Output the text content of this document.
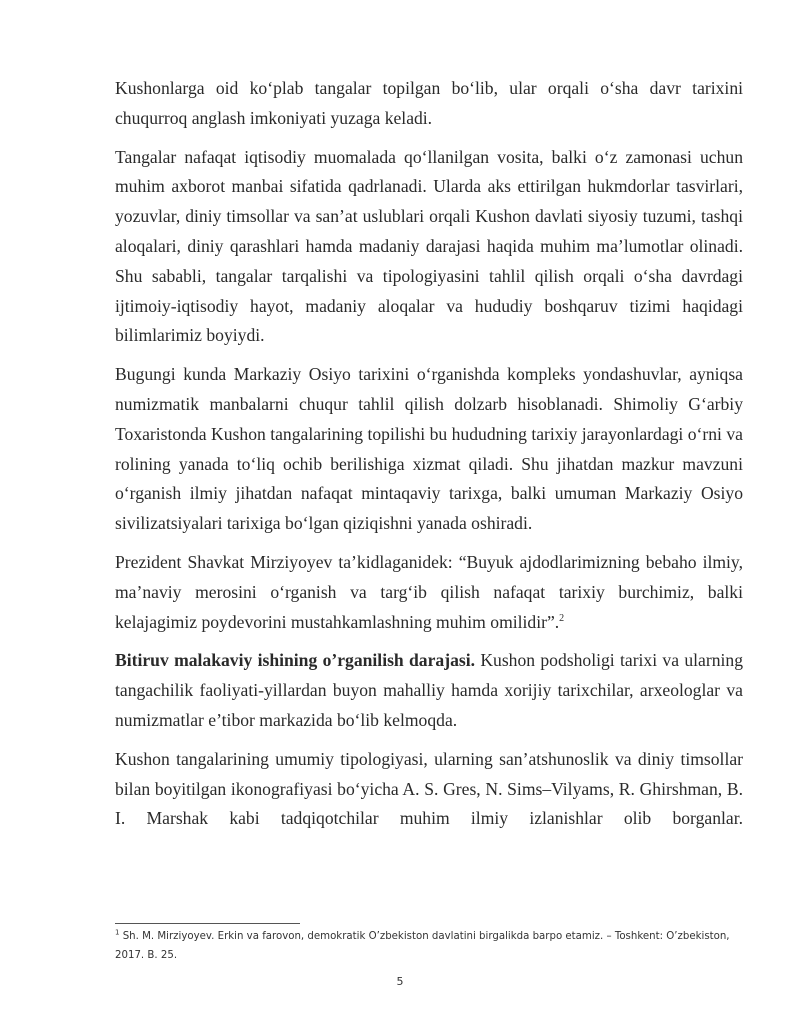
Kushonlarga oid ko‘plab tangalar topilgan bo‘lib, ular orqali o‘sha davr tarixini chuqurroq anglash imkoniyati yuzaga keladi.

Tangalar nafaqat iqtisodiy muomalada qo‘llanilgan vosita, balki o‘z zamonasi uchun muhim axborot manbai sifatida qadrlanadi. Ularda aks ettirilgan hukmdorlar tasvirlari, yozuvlar, diniy timsollar va san’at uslublari orqali Kushon davlati siyosiy tuzumi, tashqi aloqalari, diniy qarashlari hamda madaniy darajasi haqida muhim ma’lumotlar olinadi. Shu sababli, tangalar tarqalishi va tipologiyasini tahlil qilish orqali o‘sha davrdagi ijtimoiy-iqtisodiy hayot, madaniy aloqalar va hududiy boshqaruv tizimi haqidagi bilimlarimiz boyiydi.

Bugungi kunda Markaziy Osiyo tarixini o‘rganishda kompleks yondashuvlar, ayniqsa numizmatik manbalarni chuqur tahlil qilish dolzarb hisoblanadi. Shimoliy G‘arbiy Toxaristonda Kushon tangalarining topilishi bu hududning tarixiy jarayonlardagi o‘rni va rolining yanada to‘liq ochib berilishiga xizmat qiladi. Shu jihatdan mazkur mavzuni o‘rganish ilmiy jihatdan nafaqat mintaqaviy tarixga, balki umuman Markaziy Osiyo sivilizatsiyalari tarixiga bo‘lgan qiziqishni yanada oshiradi.

Prezident Shavkat Mirziyoyev ta’kidlaganidek: “Buyuk ajdodlarimizning bebaho ilmiy, ma’naviy merosini o‘rganish va targ‘ib qilish nafaqat tarixiy burchimiz, balki kelajagimiz poydevorini mustahkamlashning muhim omilidir”.$^2$

Bitiruv malakaviy ishining o’rganilish darajasi. Kushon podsholigi tarixi va ularning tangachilik faoliyati-yillardan buyon mahalliy hamda xorijiy tarixchilar, arxeologlar va numizmatlar e’tibor markazida bo‘lib kelmoqda.

Kushon tangalarining umumiy tipologiyasi, ularning san’atshunoslik va diniy timsollar bilan boyitilgan ikonografiyasi bo‘yicha A. S. Gres, N. Sims–Vilyams, R. Ghirshman, B. I. Marshak kabi tadqiqotchilar muhim ilmiy izlanishlar olib borganlar.

$^1$ Sh. M. Mirziyoyev. Erkin va farovon, demokratik O’zbekiston davlatini birgalikda barpo etamiz. – Toshkent: O’zbekiston, 2017. B. 25.
5
